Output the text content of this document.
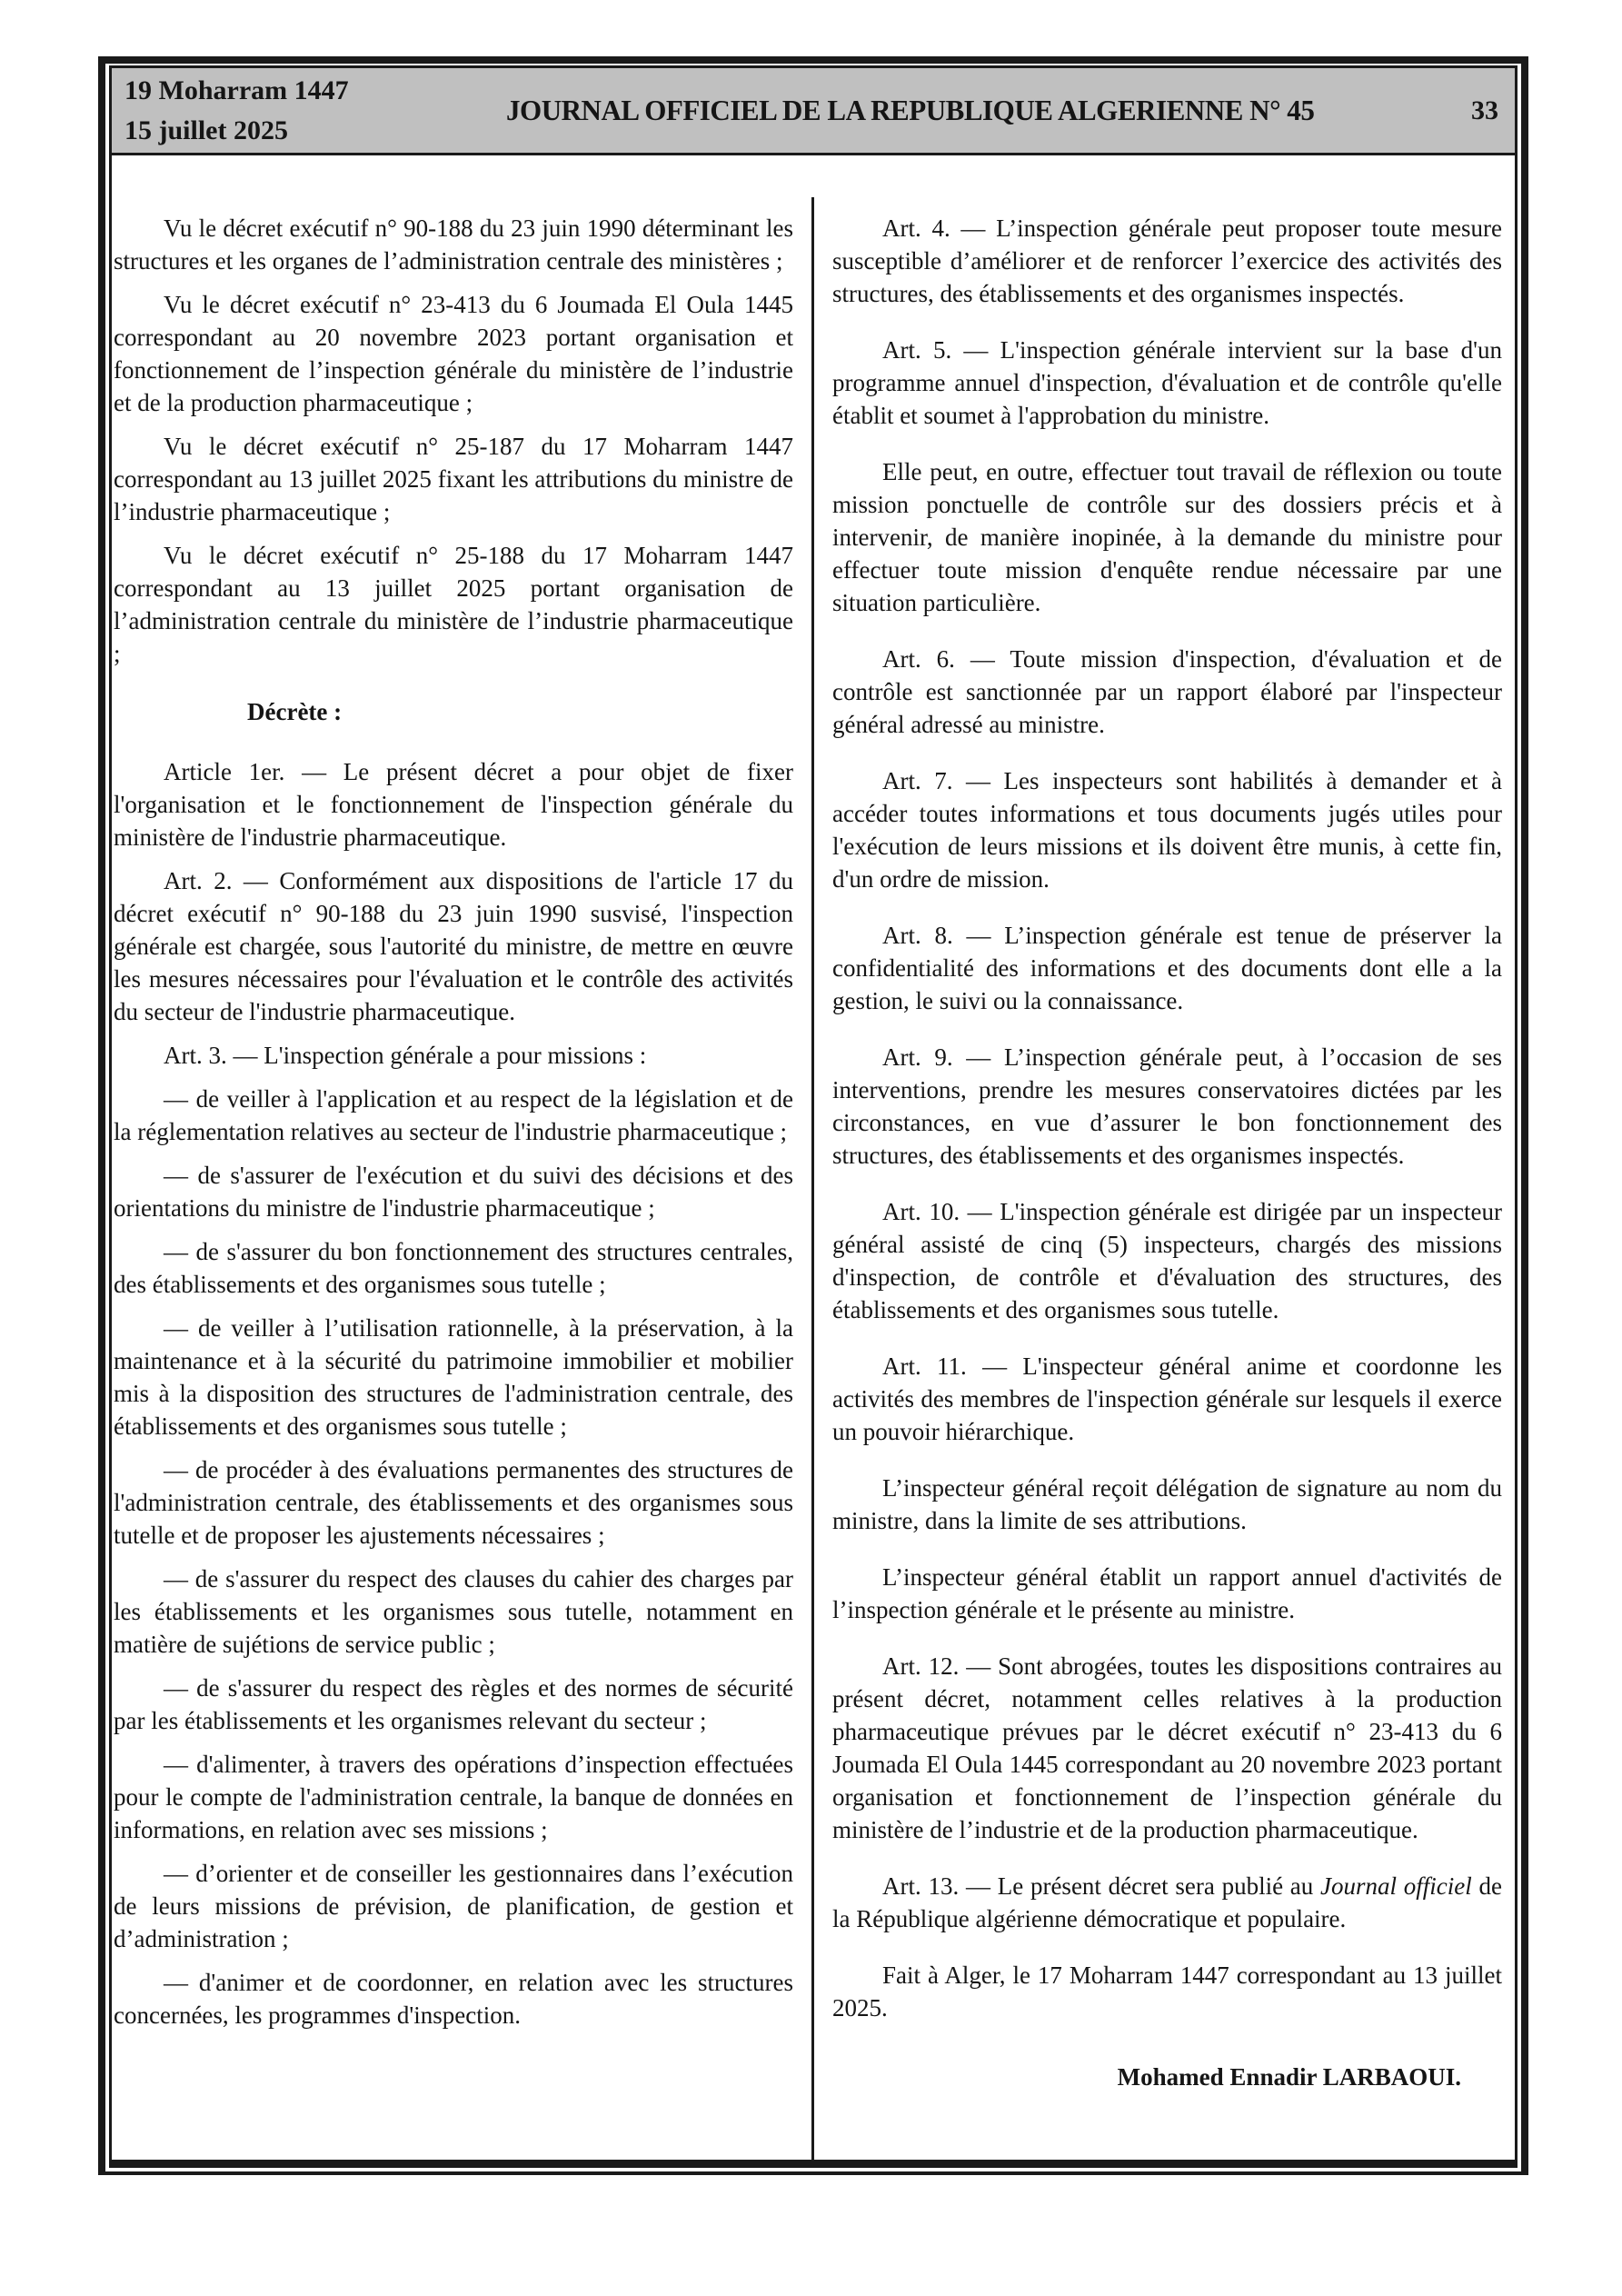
19 Moharram 1447
15 juillet 2025
JOURNAL OFFICIEL DE LA REPUBLIQUE ALGERIENNE N° 45	33

Vu le décret exécutif n° 90-188 du 23 juin 1990 déterminant les structures et les organes de l’administration centrale des ministères ;

Vu le décret exécutif n° 23-413 du 6 Joumada El Oula 1445 correspondant au 20 novembre 2023 portant organisation et fonctionnement de l’inspection générale du ministère de l’industrie et de la production pharmaceutique ;

Vu le décret exécutif n° 25-187 du 17 Moharram 1447 correspondant au 13 juillet 2025 fixant les attributions du ministre de l’industrie pharmaceutique ;

Vu le décret exécutif n° 25-188 du 17 Moharram 1447 correspondant au 13 juillet 2025 portant organisation de l’administration centrale du ministère de l’industrie pharmaceutique ;

Décrète :

Article 1er. — Le présent décret a pour objet de fixer l'organisation et le fonctionnement de l'inspection générale du ministère de l'industrie pharmaceutique.

Art. 2. — Conformément aux dispositions de l'article 17 du décret exécutif n° 90-188 du 23 juin 1990 susvisé, l'inspection générale est chargée, sous l'autorité du ministre, de mettre en œuvre les mesures nécessaires pour l'évaluation et le contrôle des activités du secteur de l'industrie pharmaceutique.

Art. 3. — L'inspection générale a pour missions :

— de veiller à l'application et au respect de la législation et de la réglementation relatives au secteur de l'industrie pharmaceutique ;

— de s'assurer de l'exécution et du suivi des décisions et des orientations du ministre de l'industrie pharmaceutique ;

— de s'assurer du bon fonctionnement des structures centrales, des établissements et des organismes sous tutelle ;

— de veiller à l’utilisation rationnelle, à la préservation, à la maintenance et à la sécurité du patrimoine immobilier et mobilier mis à la disposition des structures de l'administration centrale, des établissements et des organismes sous tutelle ;

— de procéder à des évaluations permanentes des structures de l'administration centrale, des établissements et des organismes sous tutelle et de proposer les ajustements nécessaires ;

— de s'assurer du respect des clauses du cahier des charges par les établissements et les organismes sous tutelle, notamment en matière de sujétions de service public ;

— de s'assurer du respect des règles et des normes de sécurité par les établissements et les organismes relevant du secteur ;

— d'alimenter, à travers des opérations d’inspection effectuées pour le compte de l'administration centrale, la banque de données en informations, en relation avec ses missions ;

— d’orienter et de conseiller les gestionnaires dans l’exécution de leurs missions de prévision, de planification, de gestion et d’administration ;

— d'animer et de coordonner, en relation avec les structures concernées, les programmes d'inspection.

Art. 4. — L’inspection générale peut proposer toute mesure susceptible d’améliorer et de renforcer l’exercice des activités des structures, des établissements et des organismes inspectés.

Art. 5. — L'inspection générale intervient sur la base d'un programme annuel d'inspection, d'évaluation et de contrôle qu'elle établit et soumet à l'approbation du ministre.

Elle peut, en outre, effectuer tout travail de réflexion ou toute mission ponctuelle de contrôle sur des dossiers précis et à intervenir, de manière inopinée, à la demande du ministre pour effectuer toute mission d'enquête rendue nécessaire par une situation particulière.

Art. 6. — Toute mission d'inspection, d'évaluation et de contrôle est sanctionnée par un rapport élaboré par l'inspecteur général adressé au ministre.

Art. 7. — Les inspecteurs sont habilités à demander et à accéder toutes informations et tous documents jugés utiles pour l'exécution de leurs missions et ils doivent être munis, à cette fin, d'un ordre de mission.

Art. 8. — L’inspection générale est tenue de préserver la confidentialité des informations et des documents dont elle a la gestion, le suivi ou la connaissance.

Art. 9. — L’inspection générale peut, à l’occasion de ses interventions, prendre les mesures conservatoires dictées par les circonstances, en vue d’assurer le bon fonctionnement des structures, des établissements et des organismes inspectés.

Art. 10. — L'inspection générale est dirigée par un inspecteur général assisté de cinq (5) inspecteurs, chargés des missions d'inspection, de contrôle et d'évaluation des structures, des établissements et des organismes sous tutelle.

Art. 11. — L'inspecteur général anime et coordonne les activités des membres de l'inspection générale sur lesquels il exerce un pouvoir hiérarchique.

L’inspecteur général reçoit délégation de signature au nom du ministre, dans la limite de ses attributions.

L’inspecteur général établit un rapport annuel d'activités de l’inspection générale et le présente au ministre.

Art. 12. — Sont abrogées, toutes les dispositions contraires au présent décret, notamment celles relatives à la production pharmaceutique prévues par le décret exécutif n° 23-413 du 6 Joumada El Oula 1445 correspondant au 20 novembre 2023 portant organisation et fonctionnement de l’inspection générale du ministère de l’industrie et de la production pharmaceutique.

Art. 13. — Le présent décret sera publié au Journal officiel de la République algérienne démocratique et populaire.

Fait à Alger, le 17 Moharram 1447 correspondant au 13 juillet 2025.

Mohamed Ennadir LARBAOUI.
